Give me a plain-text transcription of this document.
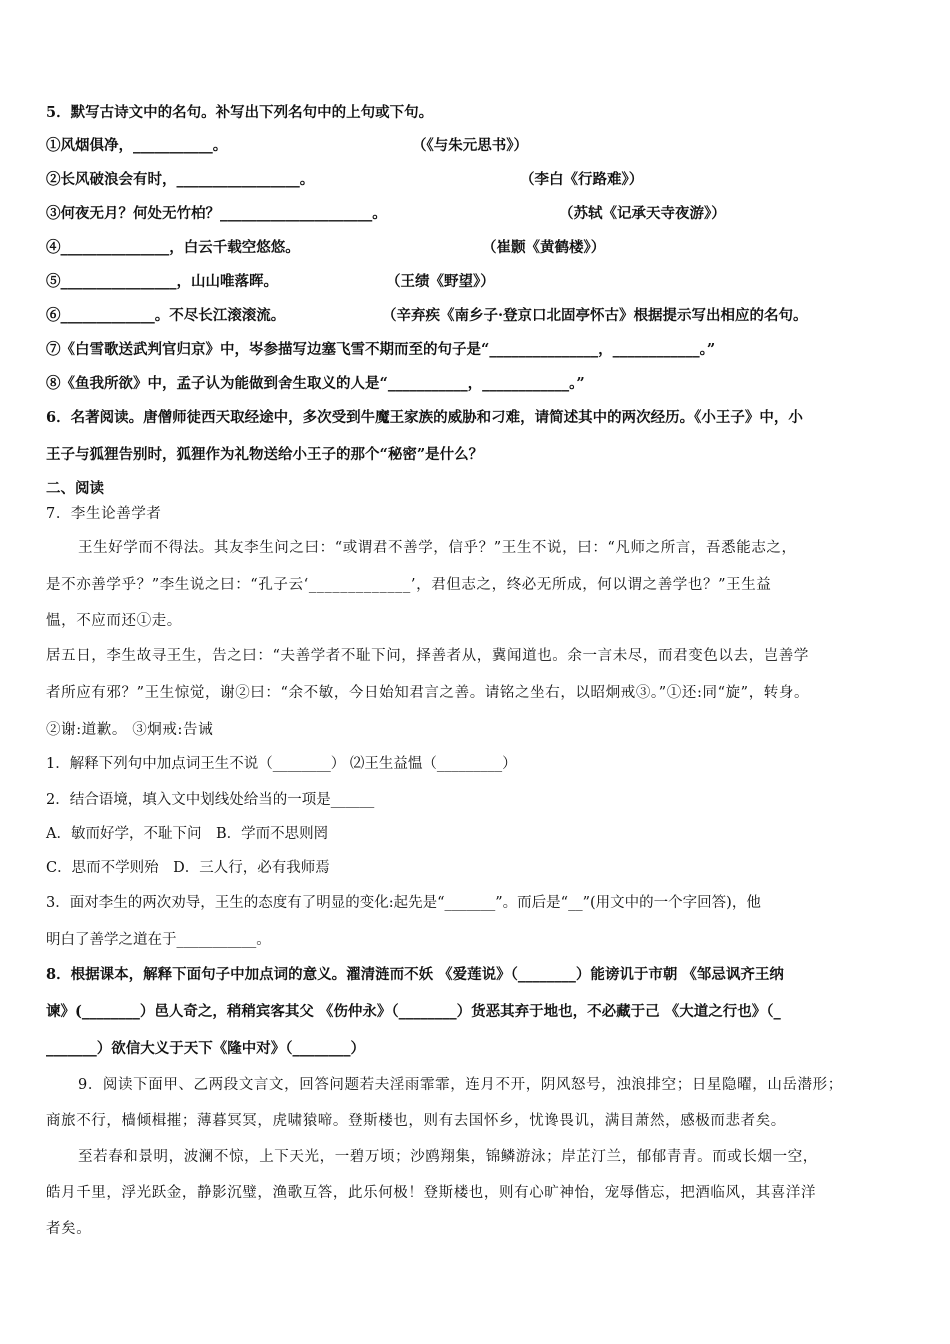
5．默写古诗文中的名句。补写出下列名句中的上句或下句。
①风烟俱净，___________。	（《与朱元思书》）
②长风破浪会有时，_________________。	（李白《行路难》）
③何夜无月？何处无竹柏？_____________________。	（苏轼《记承天寺夜游》）
④_______________，白云千载空悠悠。	（崔颢《黄鹤楼》）
⑤________________，山山唯落晖。	（王绩《野望》）
⑥_____________。不尽长江滚滚流。	（辛弃疾《南乡子·登京口北固亭怀古》根据提示写出相应的名句。
⑦《白雪歌送武判官归京》中，岑参描写边塞飞雪不期而至的句子是“_______________，____________。”
⑧《鱼我所欲》中，孟子认为能做到舍生取义的人是“___________，____________。”
6．名著阅读。唐僧师徒西天取经途中，多次受到牛魔王家族的威胁和刁难，请简述其中的两次经历。《小王子》中，小
王子与狐狸告别时，狐狸作为礼物送给小王子的那个“秘密”是什么？
二、阅读
7．李生论善学者
王生好学而不得法。其友李生问之曰：“或谓君不善学，信乎？”王生不说，曰：“凡师之所言，吾悉能志之，
是不亦善学乎？”李生说之曰：“孔子云‘_____________’，君但志之，终必无所成，何以谓之善学也？”王生益
愠，不应而还①走。
居五日，李生故寻王生，告之曰：“夫善学者不耻下问，择善者从，冀闻道也。余一言未尽，而君变色以去，岂善学
者所应有邪？”王生惊觉，谢②曰：“余不敏，今日始知君言之善。请铭之坐右，以昭炯戒③。”①还:同“旋”，转身。
②谢:道歉。 ③炯戒:告诫
1．解释下列句中加点词王生不说（________） ⑵王生益愠（_________）
2．结合语境，填入文中划线处给当的一项是______
A．敏而好学，不耻下问　B．学而不思则罔
C．思而不学则殆　D．三人行，必有我师焉
3．面对李生的两次劝导，王生的态度有了明显的变化:起先是“_______”。而后是“__”(用文中的一个字回答)，他
明白了善学之道在于___________。
8．根据课本，解释下面句子中加点词的意义。濯清涟而不妖 《爱莲说》（________）能谤讥于市朝 《邹忌讽齐王纳
谏》(________）邑人奇之，稍稍宾客其父 《伤仲永》（________）货恶其弃于地也，不必藏于己 《大道之行也》（_
_______）欲信大义于天下《隆中对》（________）
9．阅读下面甲、乙两段文言文，回答问题若夫淫雨霏霏，连月不开，阴风怒号，浊浪排空；日星隐曜，山岳潜形；
商旅不行，樯倾楫摧；薄暮冥冥，虎啸猿啼。登斯楼也，则有去国怀乡，忧谗畏讥，满目萧然，感极而悲者矣。
至若春和景明，波澜不惊，上下天光，一碧万顷；沙鸥翔集，锦鳞游泳；岸芷汀兰，郁郁青青。而或长烟一空，
皓月千里，浮光跃金，静影沉璧，渔歌互答，此乐何极！登斯楼也，则有心旷神怡，宠辱偕忘，把酒临风，其喜洋洋
者矣。
